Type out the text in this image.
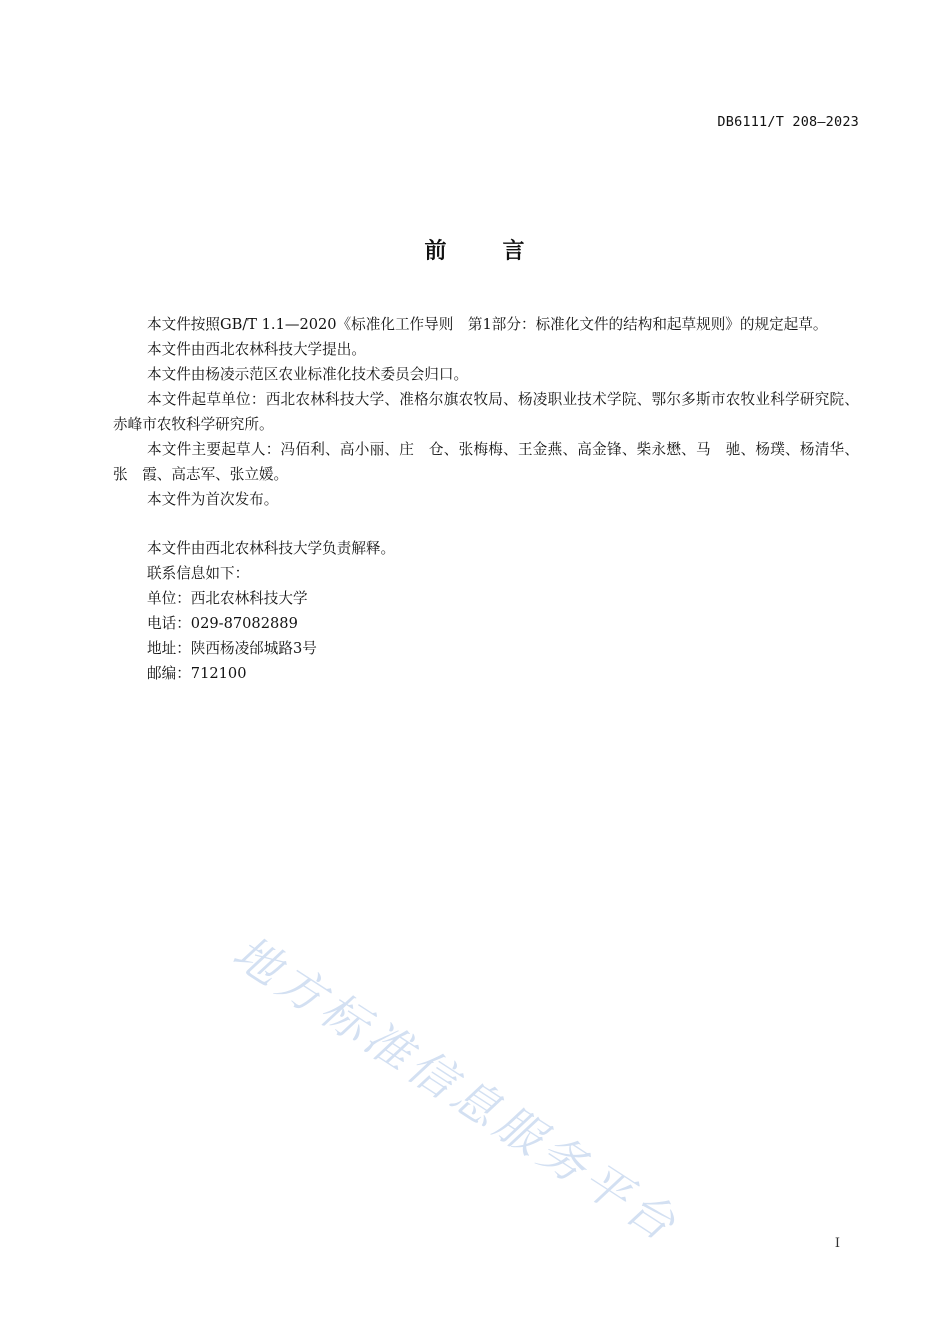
DB6111/T 208—2023
前言

本文件按照GB/T 1.1—2020《标准化工作导则　第1部分：标准化文件的结构和起草规则》的规定起草。

本文件由西北农林科技大学提出。

本文件由杨凌示范区农业标准化技术委员会归口。

本文件起草单位：西北农林科技大学、准格尔旗农牧局、杨凌职业技术学院、鄂尔多斯市农牧业科学研究院、赤峰市农牧科学研究所。

本文件主要起草人：冯佰利、高小丽、庄　仓、张梅梅、王金燕、高金锋、柴永懋、马　驰、杨璞、杨清华、张　霞、高志军、张立媛。

本文件为首次发布。

本文件由西北农林科技大学负责解释。

联系信息如下：

单位：西北农林科技大学

电话：029-87082889

地址：陕西杨凌邰城路3号

邮编：712100

地方标准信息服务平台	I
